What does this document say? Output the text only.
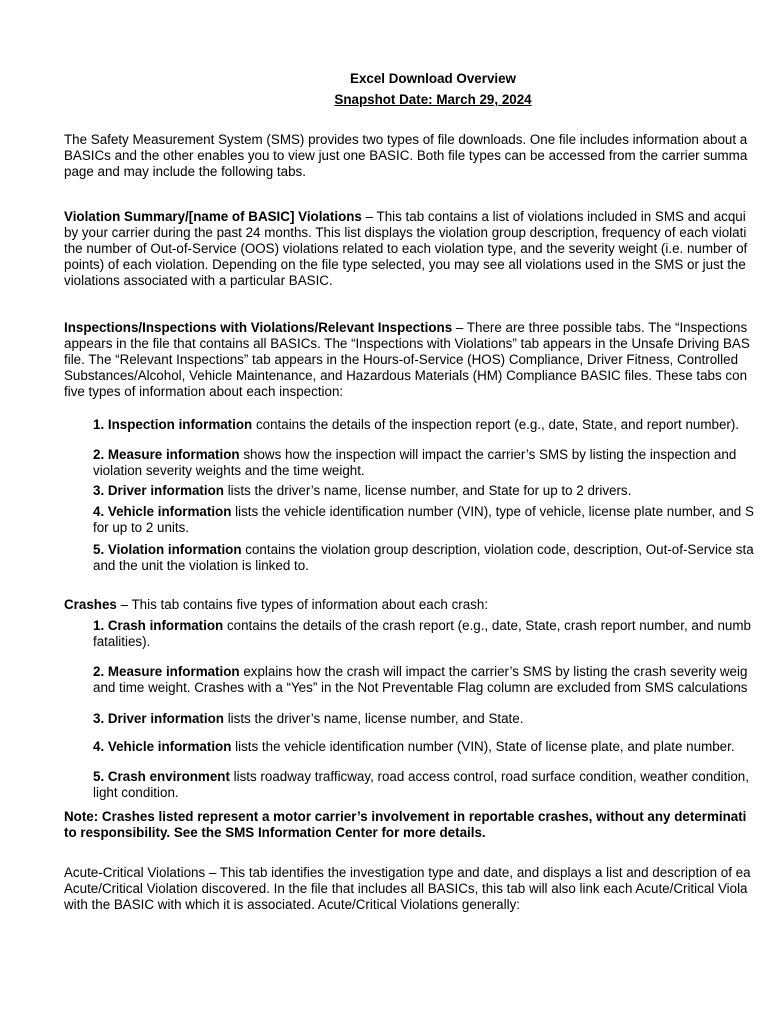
Excel Download Overview
Snapshot Date: March 29, 2024
The Safety Measurement System (SMS) provides two types of file downloads. One file includes information about a
BASICs and the other enables you to view just one BASIC. Both file types can be accessed from the carrier summa
page and may include the following tabs.
Violation Summary/[name of BASIC] Violations – This tab contains a list of violations included in SMS and acqui
by your carrier during the past 24 months. This list displays the violation group description, frequency of each violati
the number of Out-of-Service (OOS) violations related to each violation type, and the severity weight (i.e. number of
points) of each violation. Depending on the file type selected, you may see all violations used in the SMS or just the
violations associated with a particular BASIC.
Inspections/Inspections with Violations/Relevant Inspections – There are three possible tabs. The “Inspections
appears in the file that contains all BASICs. The “Inspections with Violations” tab appears in the Unsafe Driving BAS
file. The “Relevant Inspections” tab appears in the Hours-of-Service (HOS) Compliance, Driver Fitness, Controlled
Substances/Alcohol, Vehicle Maintenance, and Hazardous Materials (HM) Compliance BASIC files. These tabs con
five types of information about each inspection:
1. Inspection information contains the details of the inspection report (e.g., date, State, and report number).
2. Measure information shows how the inspection will impact the carrier’s SMS by listing the inspection and
violation severity weights and the time weight.
3. Driver information lists the driver’s name, license number, and State for up to 2 drivers.
4. Vehicle information lists the vehicle identification number (VIN), type of vehicle, license plate number, and S
for up to 2 units.
5. Violation information contains the violation group description, violation code, description, Out-of-Service sta
and the unit the violation is linked to.
Crashes – This tab contains five types of information about each crash:
1. Crash information contains the details of the crash report (e.g., date, State, crash report number, and numb
fatalities).
2. Measure information explains how the crash will impact the carrier’s SMS by listing the crash severity weig
and time weight. Crashes with a “Yes” in the Not Preventable Flag column are excluded from SMS calculations
3. Driver information lists the driver’s name, license number, and State.
4. Vehicle information lists the vehicle identification number (VIN), State of license plate, and plate number.
5. Crash environment lists roadway trafficway, road access control, road surface condition, weather condition,
light condition.
Note: Crashes listed represent a motor carrier’s involvement in reportable crashes, without any determinati
to responsibility. See the SMS Information Center for more details.
Acute-Critical Violations – This tab identifies the investigation type and date, and displays a list and description of ea
Acute/Critical Violation discovered. In the file that includes all BASICs, this tab will also link each Acute/Critical Viola
with the BASIC with which it is associated. Acute/Critical Violations generally:
